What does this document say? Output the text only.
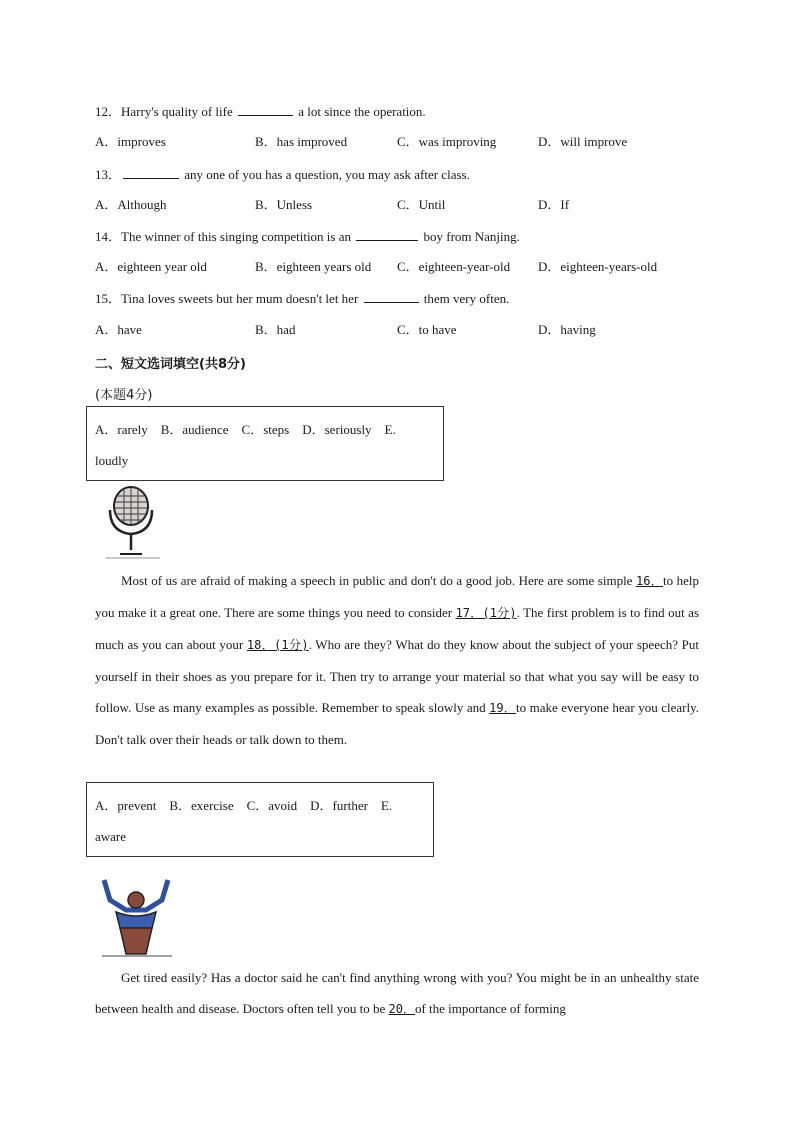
12．Harry's quality of life	a lot since the operation.
A．improves	B．has improved	C．was improving	D．will improve
13．	any one of you has a question, you may ask after class.
A．Although	B．Unless	C．Until	D．If
14．The winner of this singing competition is an	boy from Nanjing.
A．eighteen year old	B．eighteen years old C．eighteen-year-old D．eighteen-years-old
15．Tina loves sweets but her mum doesn't let her	them very often.
A．have	B．had	C．to have	D．having
二、短文选词填空(共8分)
(本题4分)
A．rarely　B．audience　C．steps　D．seriously　E.
loudly
Most of us are afraid of making a speech in public and don't do a good job. Here are some simple 16．to help you make it a great one. There are some things you need to consider 17．(1分). The first problem is to find out as much as you can about your 18．(1分). Who are they? What do they know about the subject of your speech? Put yourself in their shoes as you prepare for it. Then try to arrange your material so that what you say will be easy to follow. Use as many examples as possible. Remember to speak slowly and 19．to make everyone hear you clearly. Don't talk over their heads or talk down to them.
A．prevent　B．exercise　C．avoid　D．further　E.
aware
Get tired easily? Has a doctor said he can't find anything wrong with you? You might be in an unhealthy state between health and disease. Doctors often tell you to be 20．of the importance of forming
